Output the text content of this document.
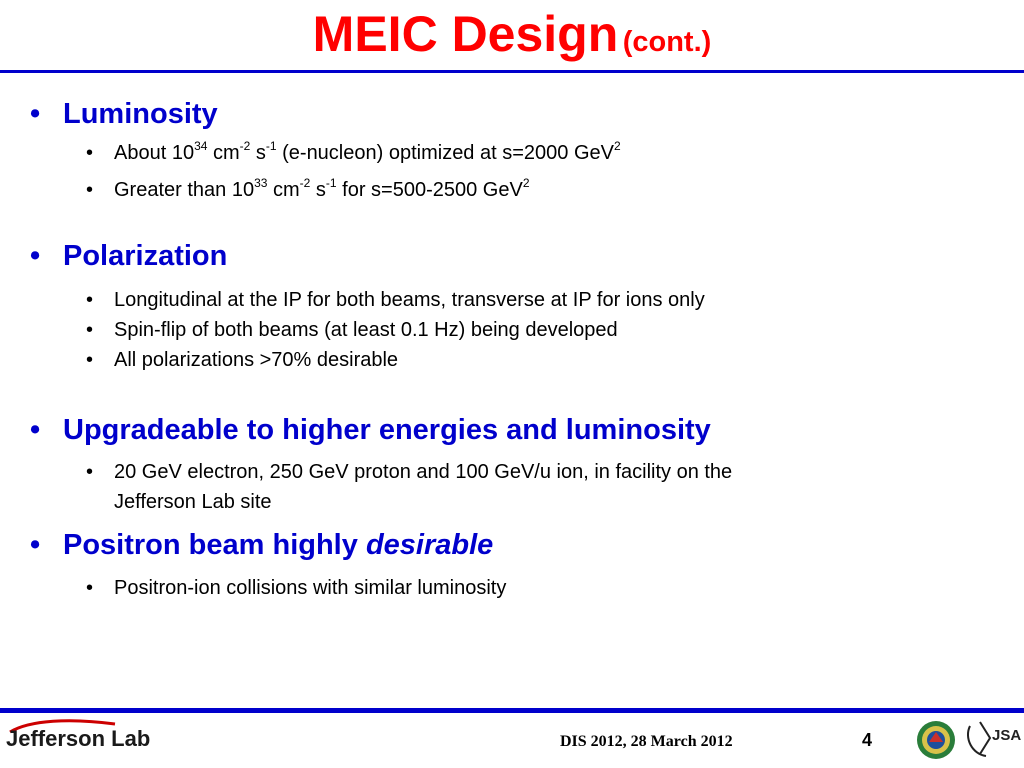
MEIC Design (cont.)
• Luminosity
• About $10^{34}$ $cm^{-2}$ $s^{-1}$ (e-nucleon) optimized at s=2000 GeV$^2$
• Greater than $10^{33}$ $cm^{-2}$ $s^{-1}$ for s=500-2500 GeV$^2$
• Polarization
• Longitudinal at the IP for both beams, transverse at IP for ions only
• Spin-flip of both beams (at least 0.1 Hz) being developed
• All polarizations >70% desirable
• Upgradeable to higher energies and luminosity
• 20 GeV electron, 250 GeV proton and 100 GeV/u ion, in facility on the
Jefferson Lab site
• Positron beam highly desirable
• Positron-ion collisions with similar luminosity
Jefferson Lab	DIS 2012, 28 March 2012	4	JSA
